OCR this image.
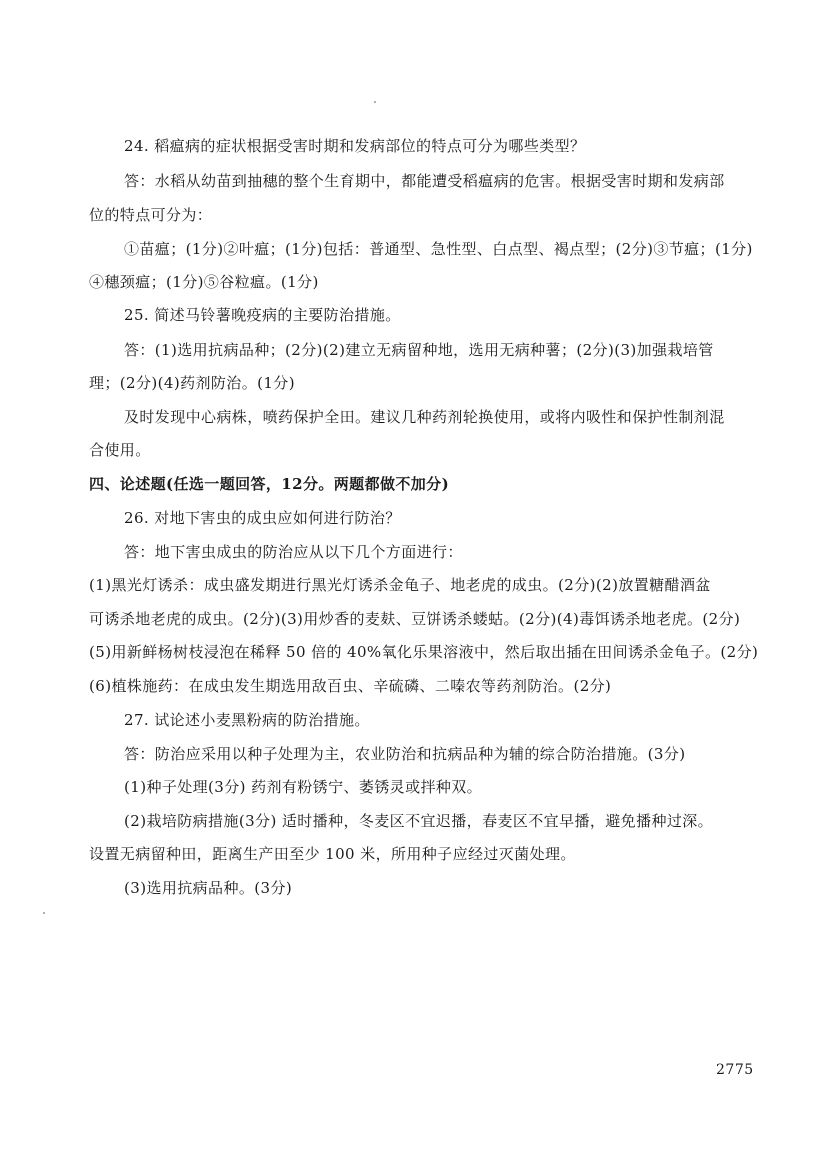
24. 稻瘟病的症状根据受害时期和发病部位的特点可分为哪些类型？
答：水稻从幼苗到抽穗的整个生育期中，都能遭受稻瘟病的危害。根据受害时期和发病部
位的特点可分为：
①苗瘟；(1分)②叶瘟；(1分)包括：普通型、急性型、白点型、褐点型；(2分)③节瘟；(1分)
④穗颈瘟；(1分)⑤谷粒瘟。(1分)
25. 简述马铃薯晚疫病的主要防治措施。
答：(1)选用抗病品种；(2分)(2)建立无病留种地，选用无病种薯；(2分)(3)加强栽培管
理；(2分)(4)药剂防治。(1分)
及时发现中心病株，喷药保护全田。建议几种药剂轮换使用，或将内吸性和保护性制剂混
合使用。
四、论述题(任选一题回答，12分。两题都做不加分)
26. 对地下害虫的成虫应如何进行防治？
答：地下害虫成虫的防治应从以下几个方面进行：
(1)黑光灯诱杀：成虫盛发期进行黑光灯诱杀金龟子、地老虎的成虫。(2分)(2)放置糖醋酒盆
可诱杀地老虎的成虫。(2分)(3)用炒香的麦麸、豆饼诱杀蝼蛄。(2分)(4)毒饵诱杀地老虎。(2分)
(5)用新鲜杨树枝浸泡在稀释 50 倍的 40%氧化乐果溶液中，然后取出插在田间诱杀金龟子。(2分)
(6)植株施药：在成虫发生期选用敌百虫、辛硫磷、二嗪农等药剂防治。(2分)
27. 试论述小麦黑粉病的防治措施。
答：防治应采用以种子处理为主，农业防治和抗病品种为辅的综合防治措施。(3分)
(1)种子处理(3分) 药剂有粉锈宁、萎锈灵或拌种双。
(2)栽培防病措施(3分) 适时播种，冬麦区不宜迟播，春麦区不宜早播，避免播种过深。
设置无病留种田，距离生产田至少 100 米，所用种子应经过灭菌处理。
(3)选用抗病品种。(3分)
2775
